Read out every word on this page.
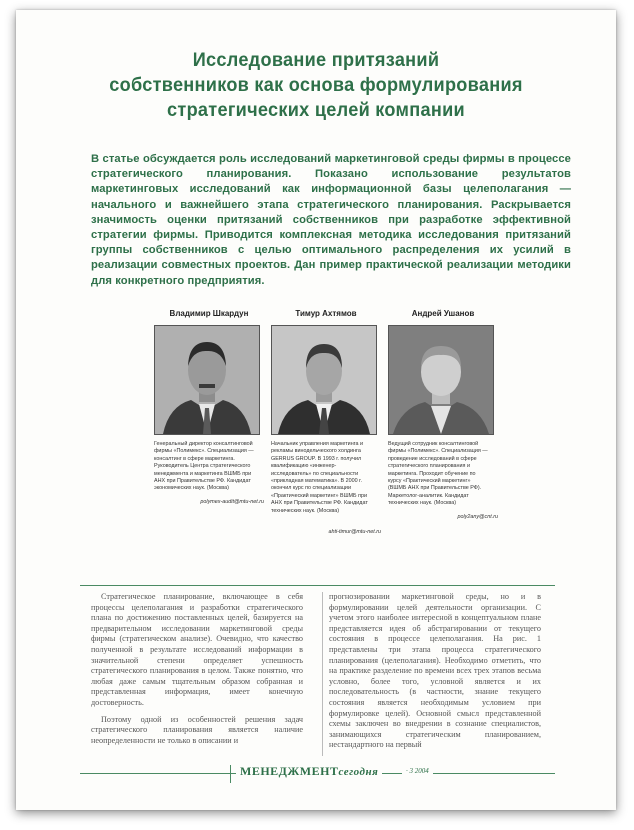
Исследование притязаний
собственников как основа формулирования
стратегических целей компании
В статье обсуждается роль исследований маркетинговой среды фирмы в процессе стратегического планирования. Показано использование результатов маркетинговых исследований как информационной базы целеполагания — начального и важнейшего этапа стратегического планирования. Раскрывается значимость оценки притязаний собственников при разработке эффективной стратегии фирмы. Приводится комплексная методика исследования притязаний группы собственников с целью оптимального распределения их усилий в реализации совместных проектов. Дан пример практической реализации методики для конкретного предприятия.
Владимир Шкардун
Генеральный директор консалтинговой фирмы «Полимекс». Специализация — консалтинг в сфере маркетинга. Руководитель Центра стратегического менеджмента и маркетинга ВШМБ при АНХ при Правительстве РФ. Кандидат экономических наук. (Москва)
polymex-audit@mtu-net.ru
Тимур Ахтямов
Начальник управления маркетинга и рекламы винодельческого холдинга GERRUS GROUP. В 1993 г. получил квалификацию «инженер-исследователь» по специальности «прикладная математика». В 2000 г. окончил курс по специализации «Практический маркетинг» ВШМБ при АНХ при Правительстве РФ. Кандидат технических наук. (Москва)
ahti-timur@mtu-net.ru
Андрей Ушанов
Ведущий сотрудник консалтинговой фирмы «Полимекс». Специализация — проведение исследований в сфере стратегического планирования и маркетинга. Проходит обучение по курсу «Практический маркетинг» (ВШМБ АНХ при Правительстве РФ). Маркетолог-аналитик. Кандидат технических наук. (Москва)
poly2any@cnt.ru

Стратегическое планирование, включающее в себя процессы целеполагания и разработки стратегического плана по достижению поставленных целей, базируется на предварительном исследовании маркетинговой среды фирмы (стратегическом анализе). Очевидно, что качество полученной в результате исследований информации в значительной степени определяет успешность стратегического планирования в целом. Также понятно, что любая даже самым тщательным образом собранная и представленная информация, имеет конечную достоверность.

Поэтому одной из особенностей решения задач стратегического планирования является наличие неопределенности не только в описании и

прогнозировании маркетинговой среды, но и в формулировании целей деятельности организации. С учетом этого наиболее интересной в концептуальном плане представляется идея об абстрагировании от текущего состояния в процессе целеполагания. На рис. 1 представлены три этапа процесса стратегического планирования (целеполагания). Необходимо отметить, что на практике разделение по времени всех трех этапов весьма условно, более того, условной является и их последовательность (в частности, знание текущего состояния является необходимым условием при формулировке целей). Основной смысл представленной схемы заключен во внедрении в сознание специалистов, занимающихся стратегическим планированием, нестандартного на первый

МЕНЕДЖМЕНТсегодня	· 3 2004
